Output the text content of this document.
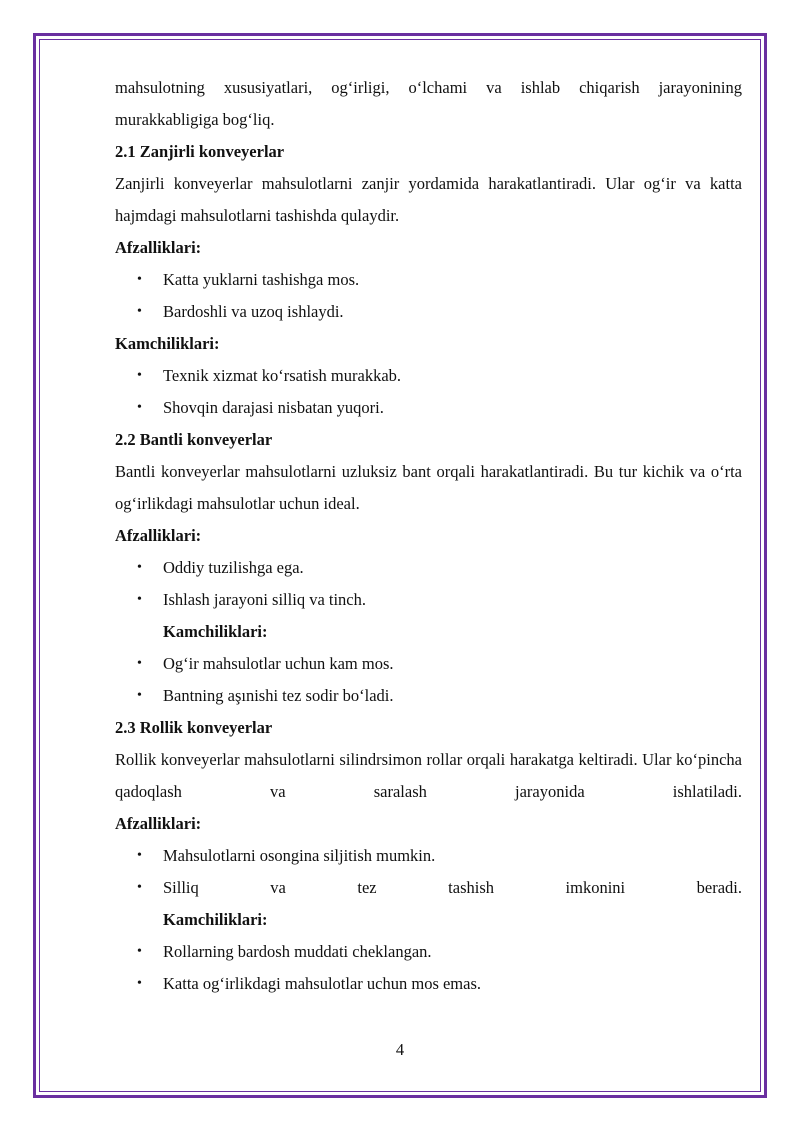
mahsulotning xususiyatlari, og‘irligi, o‘lchami va ishlab chiqarish jarayonining murakkabligiga bog‘liq.

2.1 Zanjirli konveyerlar

Zanjirli konveyerlar mahsulotlarni zanjir yordamida harakatlantiradi. Ular og‘ir va katta hajmdagi mahsulotlarni tashishda qulaydir.

Afzalliklari:

• Katta yuklarni tashishga mos.
• Bardoshli va uzoq ishlaydi.

Kamchiliklari:

• Texnik xizmat ko‘rsatish murakkab.
• Shovqin darajasi nisbatan yuqori.

2.2 Bantli konveyerlar

Bantli konveyerlar mahsulotlarni uzluksiz bant orqali harakatlantiradi. Bu tur kichik va o‘rta og‘irlikdagi mahsulotlar uchun ideal.

Afzalliklari:

• Oddiy tuzilishga ega.
• Ishlash jarayoni silliq va tinch.

Kamchiliklari:

• Og‘ir mahsulotlar uchun kam mos.
• Bantning aşınishi tez sodir bo‘ladi.

2.3 Rollik konveyerlar

Rollik konveyerlar mahsulotlarni silindrsimon rollar orqali harakatga keltiradi. Ular ko‘pincha qadoqlash va saralash jarayonida ishlatiladi.

Afzalliklari:

• Mahsulotlarni osongina siljitish mumkin.
• Silliq va tez tashish imkonini beradi.

Kamchiliklari:

• Rollarning bardosh muddati cheklangan.
• Katta og‘irlikdagi mahsulotlar uchun mos emas.
4
